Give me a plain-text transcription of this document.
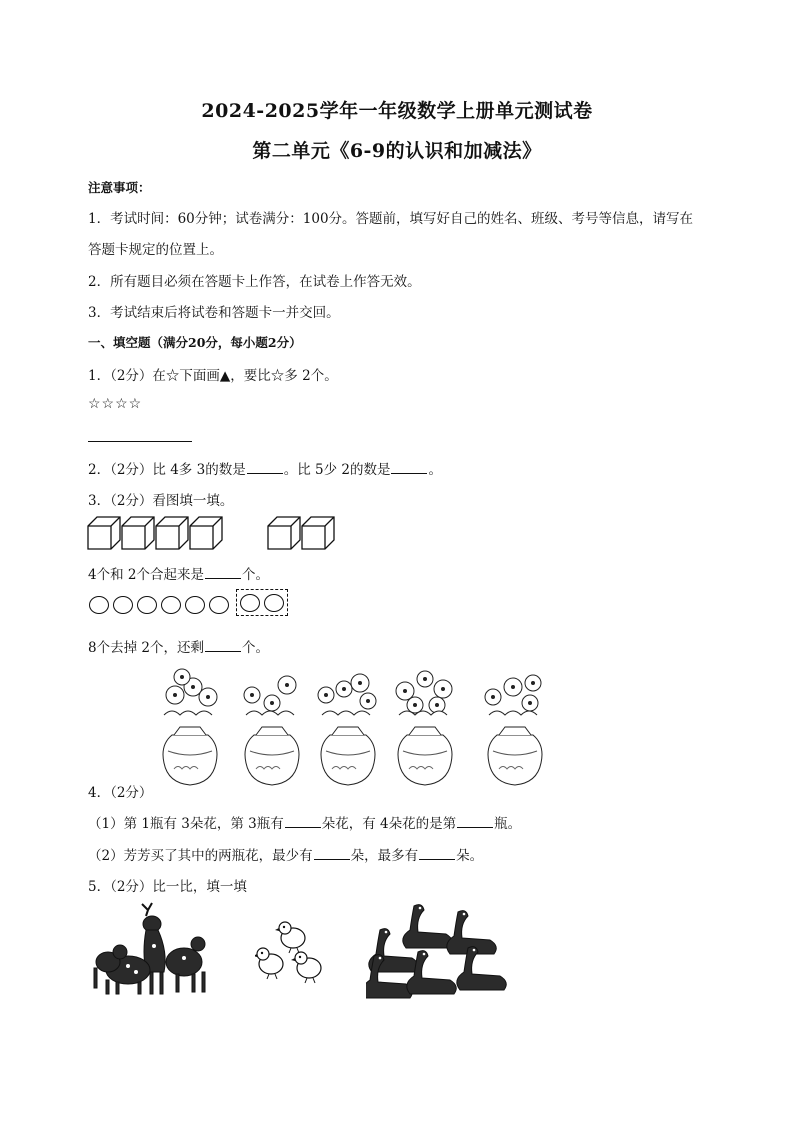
2024-2025学年一年级数学上册单元测试卷
第二单元《6-9的认识和加减法》
注意事项：
1．考试时间：60分钟；试卷满分：100分。答题前，填写好自己的姓名、班级、考号等信息，请写在
答题卡规定的位置上。
2．所有题目必须在答题卡上作答，在试卷上作答无效。
3．考试结束后将试卷和答题卡一并交回。
一、填空题（满分20分，每小题2分）
1．（2分）在☆下面画▲，要比☆多 2个。
☆☆☆☆
2．（2分）比 4多 3的数是	。比 5少 2的数是	。
3．（2分）看图填一填。
4个和 2个合起来是	个。
8个去掉 2个，还剩	个。
4．（2分）
（1）第 1瓶有 3朵花，第 3瓶有	朵花，有 4朵花的是第	瓶。
（2）芳芳买了其中的两瓶花，最少有	朵，最多有	朵。
5．（2分）比一比，填一填
